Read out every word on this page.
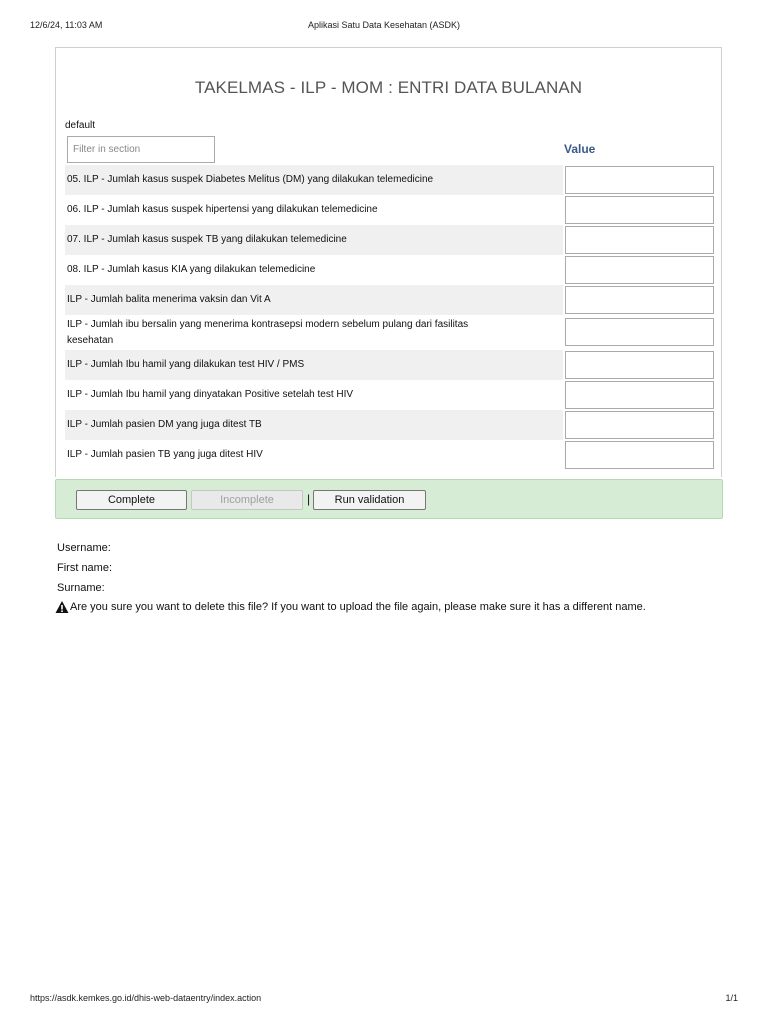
12/6/24, 11:03 AM	Aplikasi Satu Data Kesehatan (ASDK)
TAKELMAS - ILP - MOM : ENTRI DATA BULANAN
default
Filter in section
Value
05. ILP - Jumlah kasus suspek Diabetes Melitus (DM) yang dilakukan telemedicine
06. ILP - Jumlah kasus suspek hipertensi yang dilakukan telemedicine
07. ILP - Jumlah kasus suspek TB yang dilakukan telemedicine
08. ILP - Jumlah kasus KIA yang dilakukan telemedicine
ILP - Jumlah balita menerima vaksin dan Vit A
ILP - Jumlah ibu bersalin yang menerima kontrasepsi modern sebelum pulang dari fasilitas kesehatan
ILP - Jumlah Ibu hamil yang dilakukan test HIV / PMS
ILP - Jumlah Ibu hamil yang dinyatakan Positive setelah test HIV
ILP - Jumlah pasien DM yang juga ditest TB
ILP - Jumlah pasien TB yang juga ditest HIV
Complete	Incomplete	|	Run validation
Username:
First name:
Surname:
Are you sure you want to delete this file? If you want to upload the file again, please make sure it has a different name.
https://asdk.kemkes.go.id/dhis-web-dataentry/index.action	1/1
